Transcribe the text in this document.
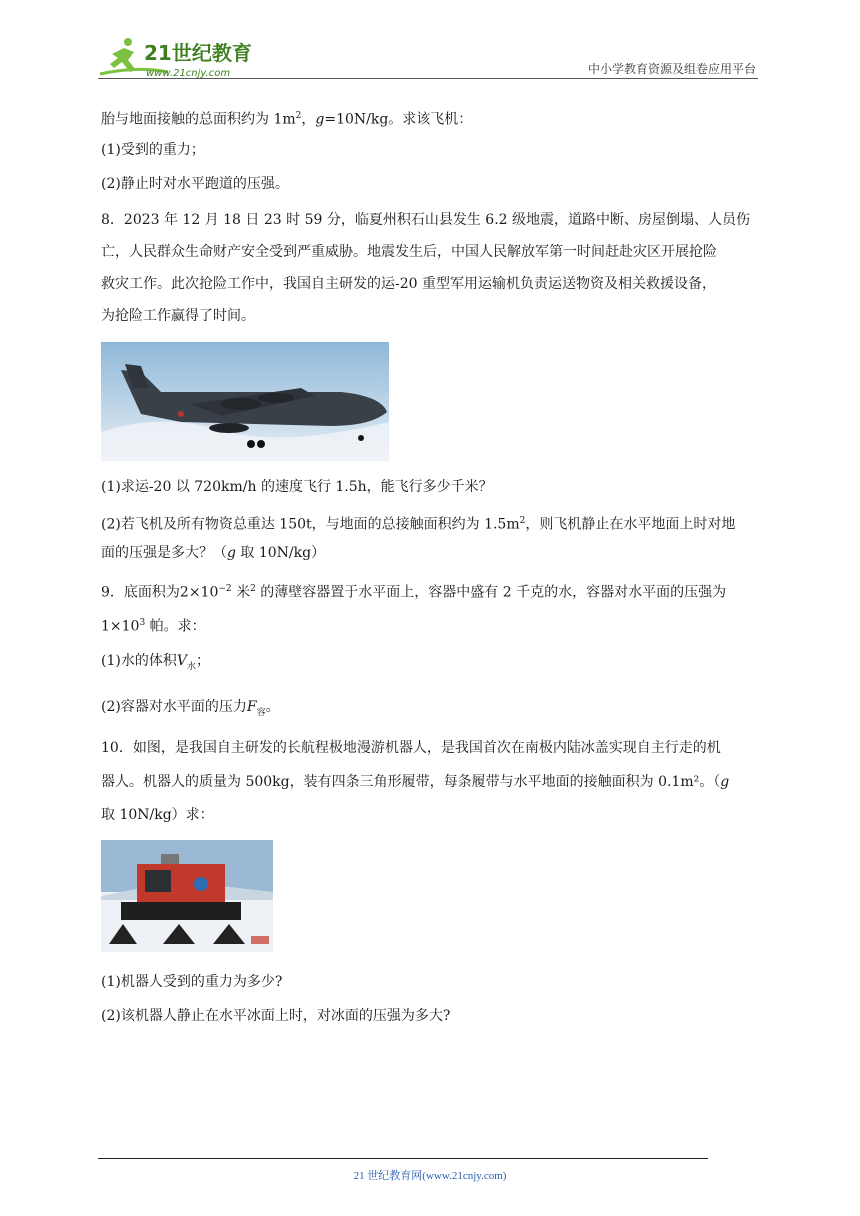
21世纪教育
www.21cnjy.com	中小学教育资源及组卷应用平台
胎与地面接触的总面积约为 $1m^2$，g=10N/kg。求该飞机：
(1)受到的重力；
(2)静止时对水平跑道的压强。
8．2023 年 12 月 18 日 23 时 59 分，临夏州积石山县发生 6.2 级地震，道路中断、房屋倒塌、人员伤
亡，人民群众生命财产安全受到严重威胁。地震发生后，中国人民解放军第一时间赶赴灾区开展抢险
救灾工作。此次抢险工作中，我国自主研发的运-20 重型军用运输机负责运送物资及相关救援设备，
为抢险工作赢得了时间。
(1)求运-20 以 720km/h 的速度飞行 1.5h，能飞行多少千米？
(2)若飞机及所有物资总重达 150t，与地面的总接触面积约为 $1.5m^2$，则飞机静止在水平地面上时对地
面的压强是多大？（g 取 10N/kg）
9．底面积为$2\times 10^{-2}$ 米$^2$ 的薄壁容器置于水平面上，容器中盛有 2 千克的水，容器对水平面的压强为
$1\times 10^3$ 帕。求：
(1)水的体积$V_水$；
(2)容器对水平面的压力$F_容$。
10．如图，是我国自主研发的长航程极地漫游机器人，是我国首次在南极内陆冰盖实现自主行走的机
器人。机器人的质量为 500kg，装有四条三角形履带，每条履带与水平地面的接触面积为 0.1m²。（g
取 10N/kg）求：
(1)机器人受到的重力为多少?
(2)该机器人静止在水平冰面上时，对冰面的压强为多大?
21 世纪教育网(www.21cnjy.com)
